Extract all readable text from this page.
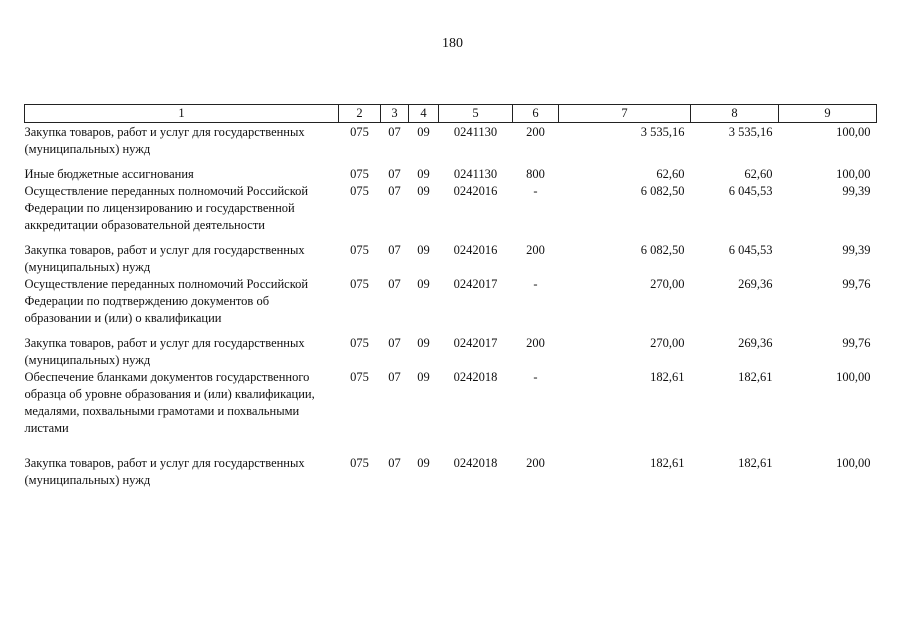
180
1	2	3	4	5	6	7	8	9
Закупка товаров, работ и услуг для государственных (муниципальных) нужд	075	07	09	0241130	200	3 535,16	3 535,16	100,00

Иные бюджетные ассигнования	075	07	09	0241130	800	62,60	62,60	100,00
Осуществление переданных полномочий Российской Федерации по лицензированию и государственной аккредитации образовательной деятельности	075	07	09	0242016	-	6 082,50	6 045,53	99,39

Закупка товаров, работ и услуг для государственных (муниципальных) нужд	075	07	09	0242016	200	6 082,50	6 045,53	99,39
Осуществление переданных полномочий Российской Федерации по подтверждению документов об образовании и (или) о квалификации	075	07	09	0242017	-	270,00	269,36	99,76

Закупка товаров, работ и услуг для государственных (муниципальных) нужд	075	07	09	0242017	200	270,00	269,36	99,76
Обеспечение бланками документов государственного образца об уровне образования и (или) квалификации, медалями, похвальными грамотами и похвальными листами	075	07	09	0242018	-	182,61	182,61	100,00

Закупка товаров, работ и услуг для государственных (муниципальных) нужд	075	07	09	0242018	200	182,61	182,61	100,00
